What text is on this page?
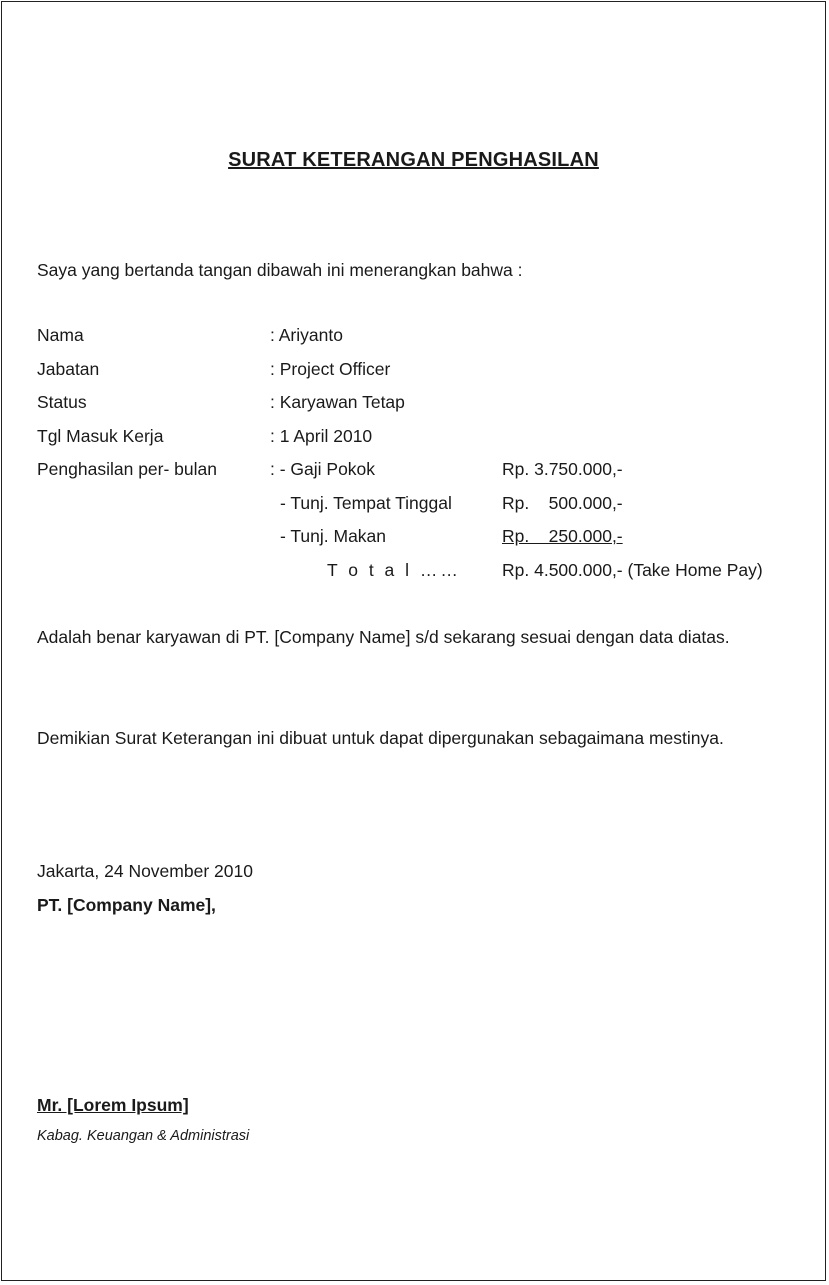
SURAT KETERANGAN PENGHASILAN
Saya yang bertanda tangan dibawah ini menerangkan bahwa :
Nama	: Ariyanto
Jabatan	: Project Officer
Status	: Karyawan Tetap
Tgl Masuk Kerja	: 1 April 2010
Penghasilan per- bulan	: - Gaji Pokok	Rp. 3.750.000,-
- Tunj. Tempat Tinggal	Rp.    500.000,-
- Tunj. Makan	Rp.    250.000,-
T o t a l …… Rp. 4.500.000,- (Take Home Pay)
Adalah benar karyawan di PT. [Company Name] s/d sekarang sesuai dengan data diatas.
Demikian Surat Keterangan ini dibuat untuk dapat dipergunakan sebagaimana mestinya.
Jakarta, 24 November 2010
PT. [Company Name],
Mr. [Lorem Ipsum]
Kabag. Keuangan & Administrasi
